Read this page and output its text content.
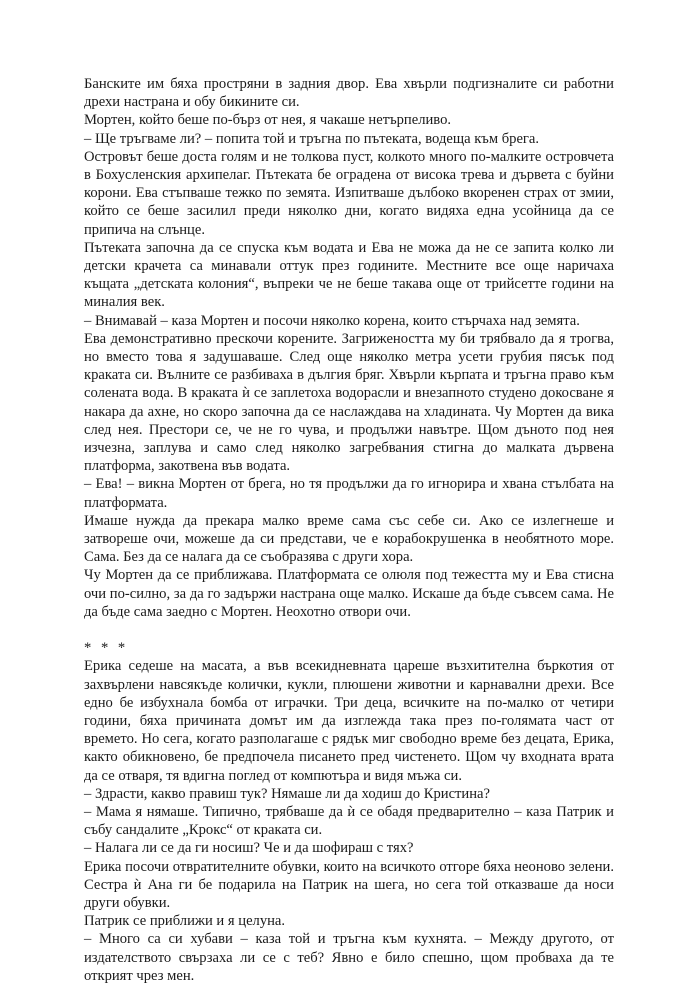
Банските им бяха простряни в задния двор. Ева хвърли подгизналите си работни дрехи настрана и обу бикините си.

Мортен, който беше по-бърз от нея, я чакаше нетърпеливо.

– Ще тръгваме ли? – попита той и тръгна по пътеката, водеща към брега.

Островът беше доста голям и не толкова пуст, колкото много по-малките островчета в Бохусленския архипелаг. Пътеката бе оградена от висока трева и дървета с буйни корони. Ева стъпваше тежко по земята. Изпитваше дълбоко вкоренен страх от змии, който се беше засилил преди няколко дни, когато видяха една усойница да се припича на слънце.

Пътеката започна да се спуска към водата и Ева не можа да не се запита колко ли детски крачета са минавали оттук през годините. Местните все още наричаха къщата „детската колония“, въпреки че не беше такава още от трийсетте години на миналия век.

– Внимавай – каза Мортен и посочи няколко корена, които стърчаха над земята.

Ева демонстративно прескочи корените. Загрижеността му би трябвало да я трогва, но вместо това я задушаваше. След още няколко метра усети грубия пясък под краката си. Вълните се разбиваха в дългия бряг. Хвърли кърпата и тръгна право към солената вода. В краката ѝ се заплетоха водорасли и внезапното студено докосване я накара да ахне, но скоро започна да се наслаждава на хладината. Чу Мортен да вика след нея. Престори се, че не го чува, и продължи навътре. Щом дъното под нея изчезна, заплува и само след няколко загребвания стигна до малката дървена платформа, закотвена във водата.

– Ева! – викна Мортен от брега, но тя продължи да го игнорира и хвана стълбата на платформата.

Имаше нужда да прекара малко време сама със себе си. Ако се излегнеше и затвореше очи, можеше да си представи, че е корабокрушенка в необятното море. Сама. Без да се налага да се съобразява с други хора.

Чу Мортен да се приближава. Платформата се олюля под тежестта му и Ева стисна очи по-силно, за да го задържи настрана още малко. Искаше да бъде съвсем сама. Не да бъде сама заедно с Мортен. Неохотно отвори очи.

* * *

Ерика седеше на масата, а във всекидневната цареше възхитителна бъркотия от захвърлени навсякъде колички, кукли, плюшени животни и карнавални дрехи. Все едно бе избухнала бомба от играчки. Три деца, всичките на по-малко от четири години, бяха причината домът им да изглежда така през по-голямата част от времето. Но сега, когато разполагаше с рядък миг свободно време без децата, Ерика, както обикновено, бе предпочела писането пред чистенето. Щом чу входната врата да се отваря, тя вдигна поглед от компютъра и видя мъжа си.

– Здрасти, какво правиш тук? Нямаше ли да ходиш до Кристина?

– Мама я нямаше. Типично, трябваше да ѝ се обадя предварително – каза Патрик и събу сандалите „Крокс“ от краката си.

– Налага ли се да ги носиш? Че и да шофираш с тях?

Ерика посочи отвратителните обувки, които на всичкото отгоре бяха неоново зелени. Сестра ѝ Ана ги бе подарила на Патрик на шега, но сега той отказваше да носи други обувки.

Патрик се приближи и я целуна.

– Много са си хубави – каза той и тръгна към кухнята. – Между другото, от издателството свързаха ли се с теб? Явно е било спешно, щом пробваха да те открият чрез мен.
